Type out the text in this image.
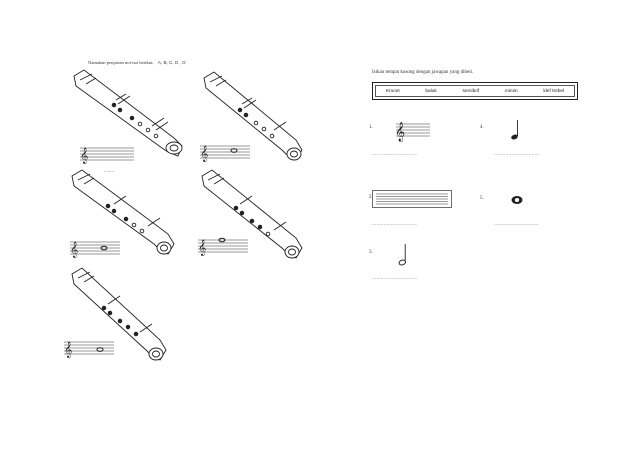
Namakan penjarian not-not berikut; A, B, C, D , G
𝄞
........
𝄞
𝄞	𝄞
𝄞
Isikan tempat kosong dengan jawapan yang diberi.
Krocet	baluk	semibrif	minim	klef trebel
1. 𝄞
...............................
4.
...............................
2.
...............................
5.
...............................
3.
...............................
